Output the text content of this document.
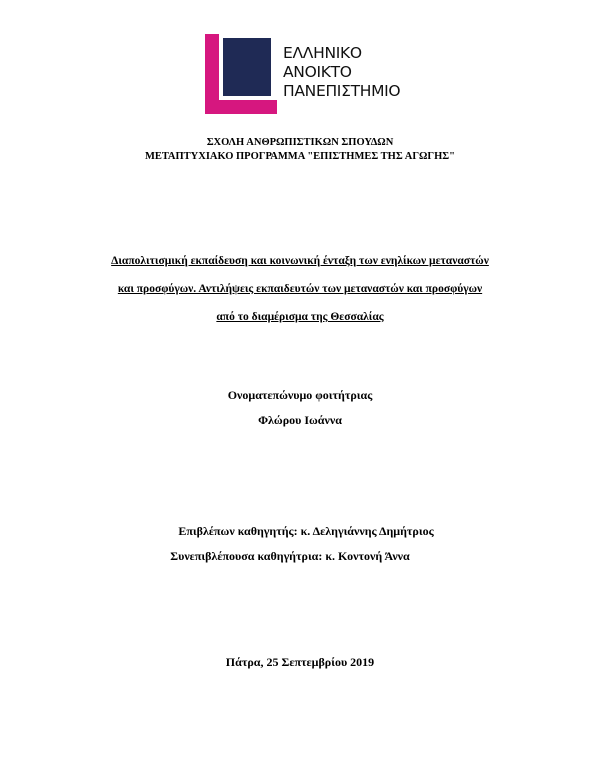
ΕΛΛΗΝΙΚΟ
ΑΝΟΙΚΤΟ
ΠΑΝΕΠΙΣΤΗΜΙΟ
ΣΧΟΛΗ ΑΝΘΡΩΠΙΣΤΙΚΩΝ ΣΠΟΥΔΩΝ
ΜΕΤΑΠΤΥΧΙΑΚΟ ΠΡΟΓΡΑΜΜΑ "ΕΠΙΣΤΗΜΕΣ ΤΗΣ ΑΓΩΓΗΣ"
Διαπολιτισμική εκπαίδευση και κοινωνική ένταξη των ενηλίκων μεταναστών
και προσφύγων. Αντιλήψεις εκπαιδευτών των μεταναστών και προσφύγων
από το διαμέρισμα της Θεσσαλίας
Ονοματεπώνυμο φοιτήτριας
Φλώρου Ιωάννα
Επιβλέπων καθηγητής: κ. Δεληγιάννης Δημήτριος
Συνεπιβλέπουσα καθηγήτρια: κ. Κοντονή Άννα
Πάτρα, 25 Σεπτεμβρίου 2019
